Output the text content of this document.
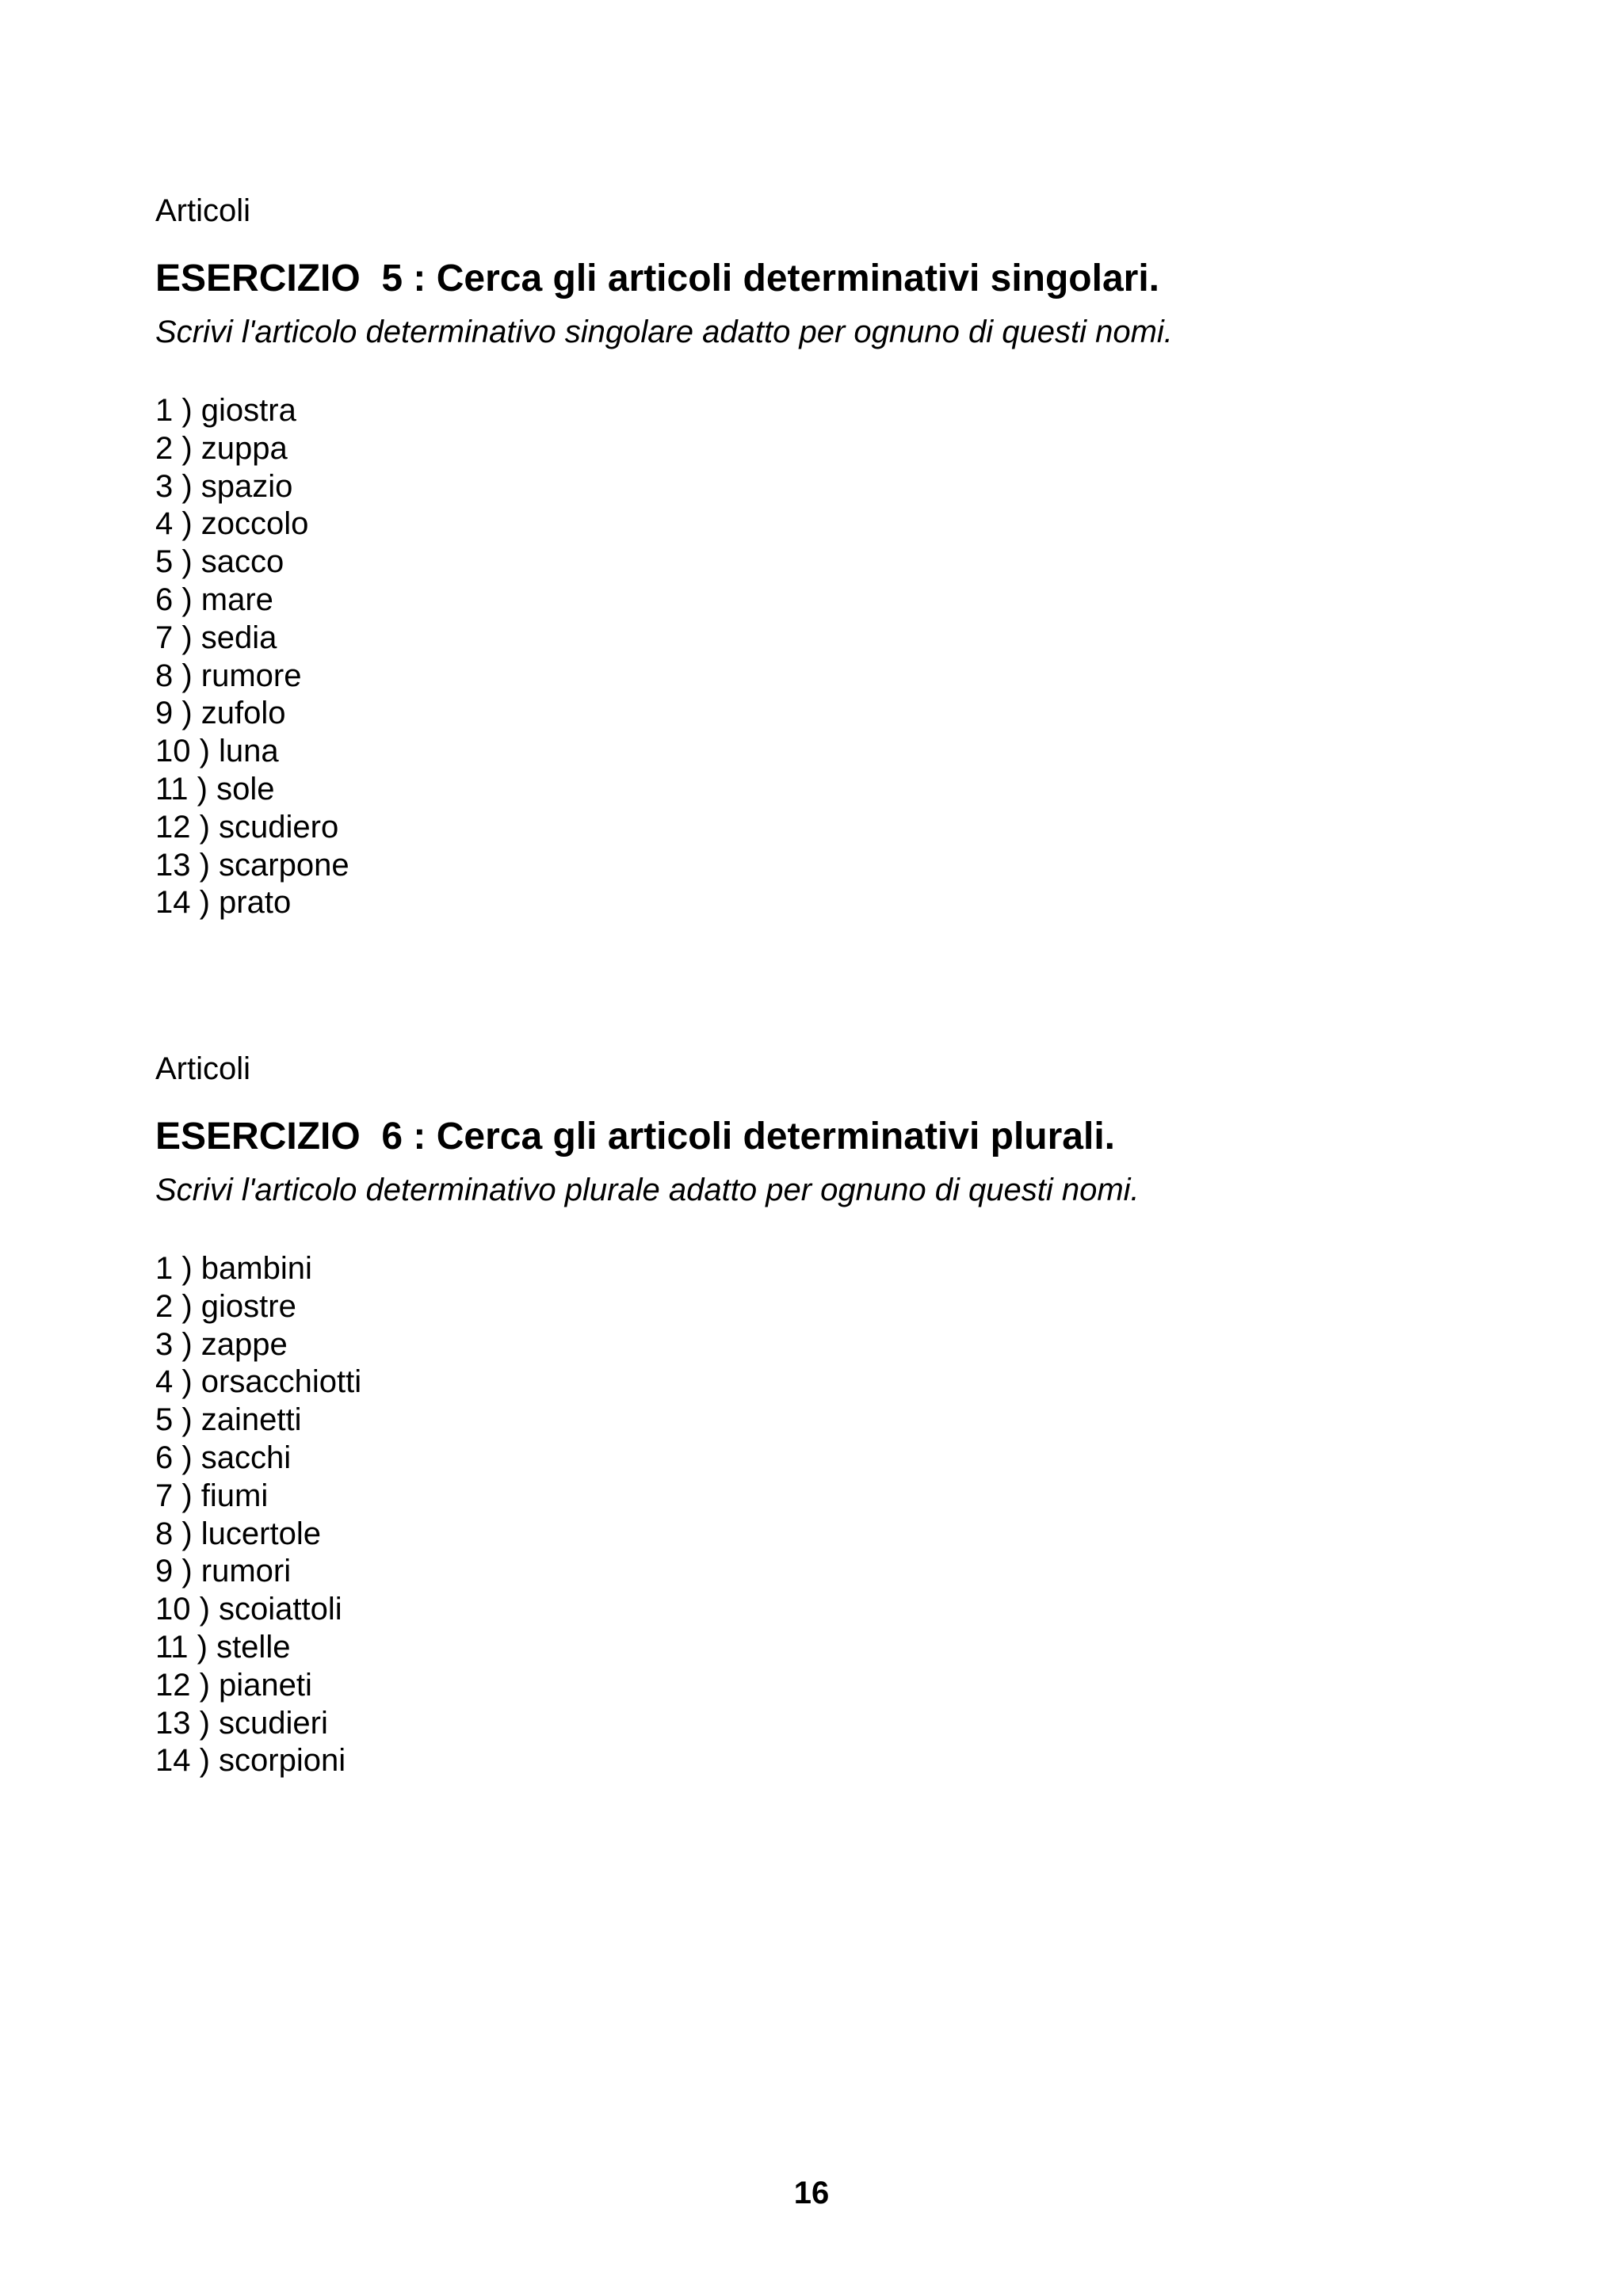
Articoli

ESERCIZIO  5 : Cerca gli articoli determinativi singolari.

Scrivi l'articolo determinativo singolare adatto per ognuno di questi nomi.

1 ) giostra
2 ) zuppa
3 ) spazio
4 ) zoccolo
5 ) sacco
6 ) mare
7 ) sedia
8 ) rumore
9 ) zufolo
10 ) luna
11 ) sole
12 ) scudiero
13 ) scarpone
14 ) prato

Articoli

ESERCIZIO  6 : Cerca gli articoli determinativi plurali.

Scrivi l'articolo determinativo plurale adatto per ognuno di questi nomi.

1 ) bambini
2 ) giostre
3 ) zappe
4 ) orsacchiotti
5 ) zainetti
6 ) sacchi
7 ) fiumi
8 ) lucertole
9 ) rumori
10 ) scoiattoli
11 ) stelle
12 ) pianeti
13 ) scudieri
14 ) scorpioni
16
